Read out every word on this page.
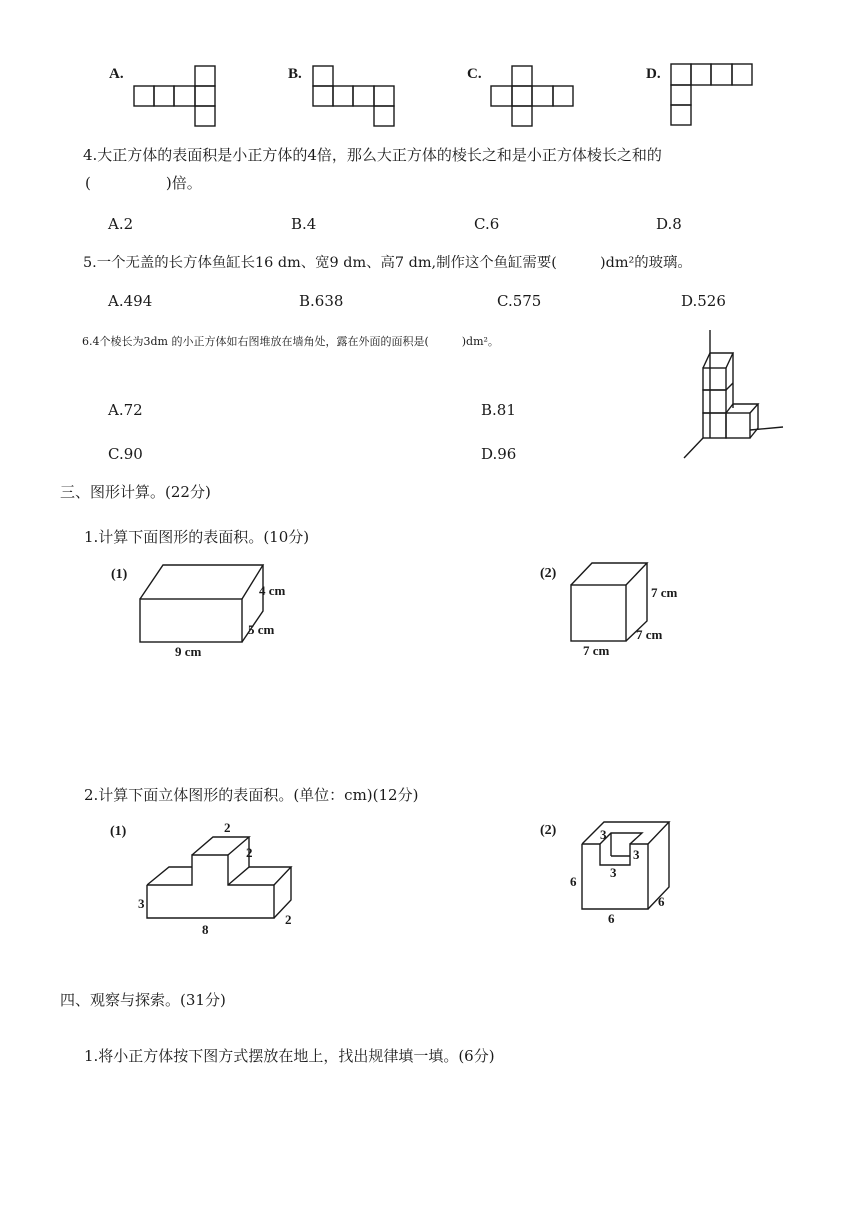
A.	B.	C.	D.
4.大正方体的表面积是小正方体的4倍，那么大正方体的棱长之和是小正方体棱长之和的
(　　　　　)倍。
A.2	B.4	C.6	D.8
5.一个无盖的长方体鱼缸长16 dm、宽9 dm、高7 dm,制作这个鱼缸需要(　　　)dm²的玻璃。
A.494	B.638	C.575	D.526
6.4个棱长为3dm 的小正方体如右图堆放在墙角处，露在外面的面积是(　　　)dm²。
A.72	B.81
C.90	D.96
三、图形计算。(22分)
1.计算下面图形的表面积。(10分)
(1)
4 cm
5 cm
9 cm
(2)
7 cm
7 cm
7 cm
2.计算下面立体图形的表面积。(单位：cm)(12分)
(1)	2
2
3
8
2
(2)	3
3
3
6
6
6
四、观察与探索。(31分)
1.将小正方体按下图方式摆放在地上，找出规律填一填。(6分)
